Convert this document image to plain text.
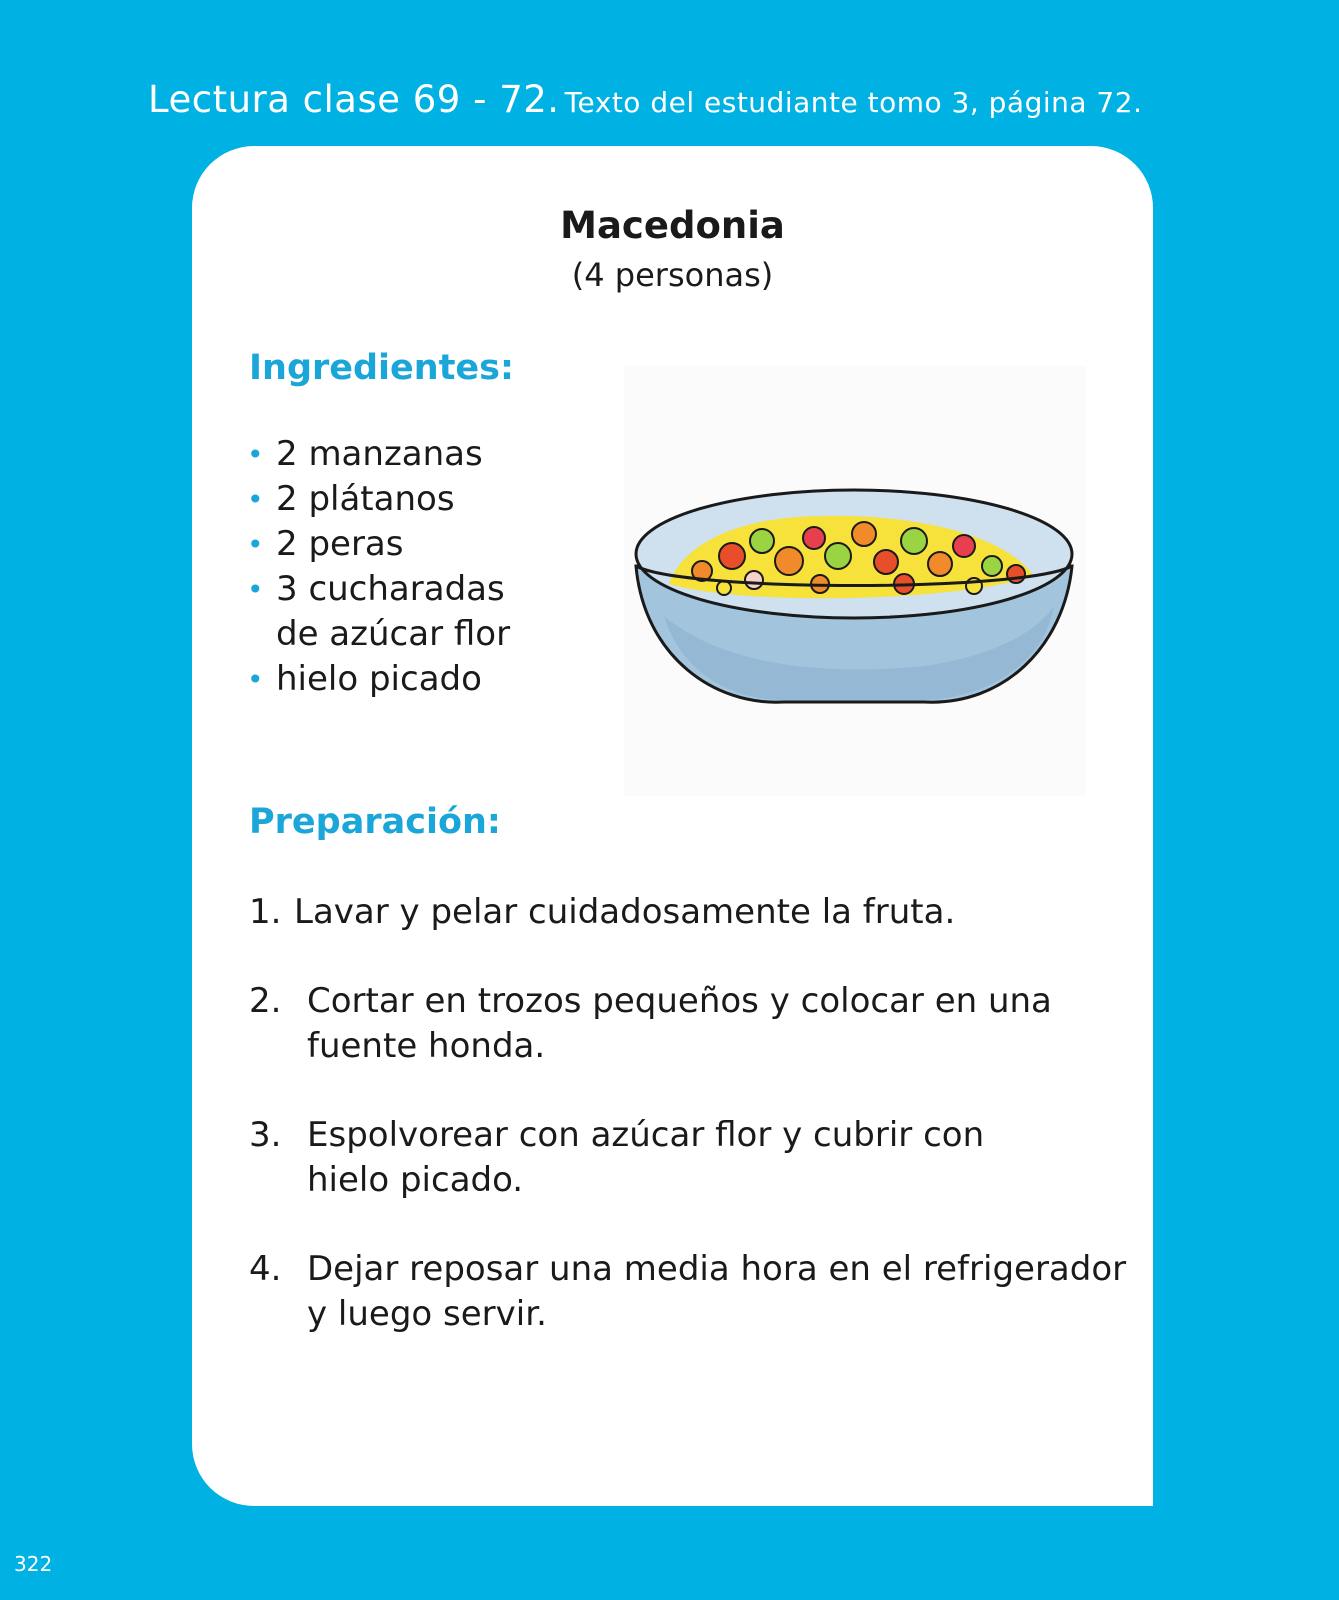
Lectura clase 69 - 72. Texto del estudiante tomo 3, página 72.
Macedonia
(4 personas)
Ingredientes:
• 2 manzanas
• 2 plátanos
• 2 peras
• 3 cucharadas
de azúcar flor
• hielo picado
Preparación:
1. Lavar y pelar cuidadosamente la fruta.
2. Cortar en trozos pequeños y colocar en una
fuente honda.
3. Espolvorear con azúcar flor y cubrir con
hielo picado.
4. Dejar reposar una media hora en el refrigerador
y luego servir.
322
